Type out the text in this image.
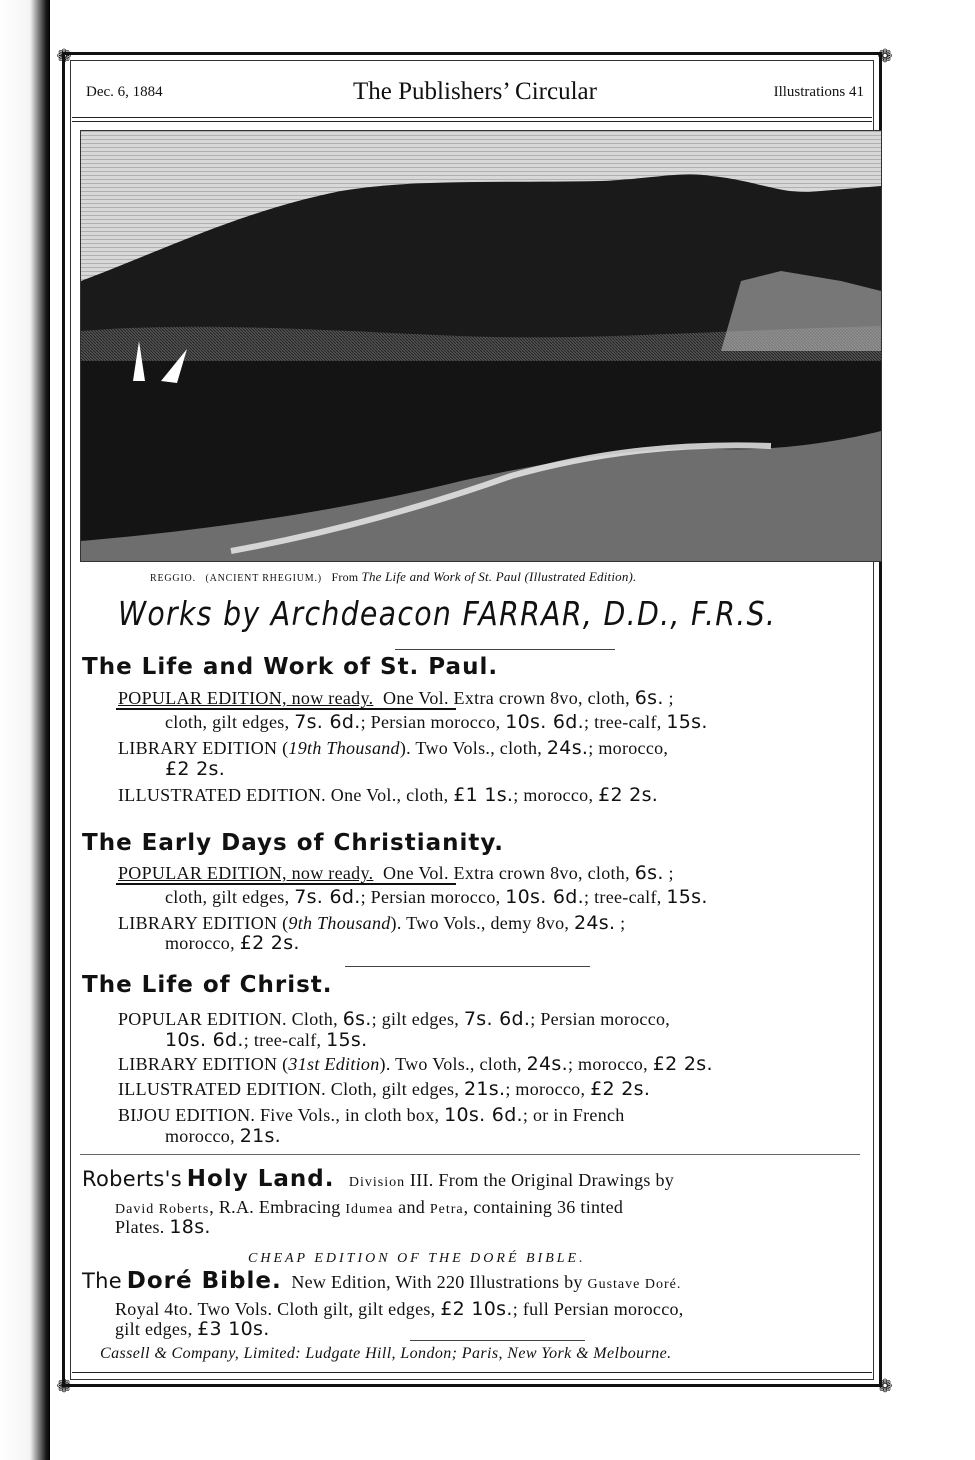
❁	❁
❁	❁
Dec. 6, 1884	The Publishers’ Circular	Illustrations 41
REGGIO. (ANCIENT RHEGIUM.) From The Life and Work of St. Paul (Illustrated Edition).
Works by Archdeacon FARRAR, D.D., F.R.S.
The Life and Work of St. Paul.
POPULAR EDITION, now ready. One Vol. Extra crown 8vo, cloth, 6s. ;
cloth, gilt edges, 7s. 6d.; Persian morocco, 10s. 6d.; tree-calf, 15s.
LIBRARY EDITION (19th Thousand). Two Vols., cloth, 24s.; morocco,
£2 2s.
ILLUSTRATED EDITION. One Vol., cloth, £1 1s.; morocco, £2 2s.
The Early Days of Christianity.
POPULAR EDITION, now ready. One Vol. Extra crown 8vo, cloth, 6s. ;
cloth, gilt edges, 7s. 6d.; Persian morocco, 10s. 6d.; tree-calf, 15s.
LIBRARY EDITION (9th Thousand). Two Vols., demy 8vo, 24s. ;
morocco, £2 2s.
The Life of Christ.
POPULAR EDITION. Cloth, 6s.; gilt edges, 7s. 6d.; Persian morocco,
10s. 6d.; tree-calf, 15s.
LIBRARY EDITION (31st Edition). Two Vols., cloth, 24s.; morocco, £2 2s.
ILLUSTRATED EDITION. Cloth, gilt edges, 21s.; morocco, £2 2s.
BIJOU EDITION. Five Vols., in cloth box, 10s. 6d.; or in French
morocco, 21s.
Roberts's Holy Land. Division III. From the Original Drawings by
David Roberts, R.A. Embracing Idumea and Petra, containing 36 tinted
Plates. 18s.
CHEAP EDITION OF THE DORÉ BIBLE.
The Doré Bible. New Edition, With 220 Illustrations by Gustave Doré.
Royal 4to. Two Vols. Cloth gilt, gilt edges, £2 10s.; full Persian morocco,
gilt edges, £3 10s.
Cassell & Company, Limited: Ludgate Hill, London; Paris, New York & Melbourne.
